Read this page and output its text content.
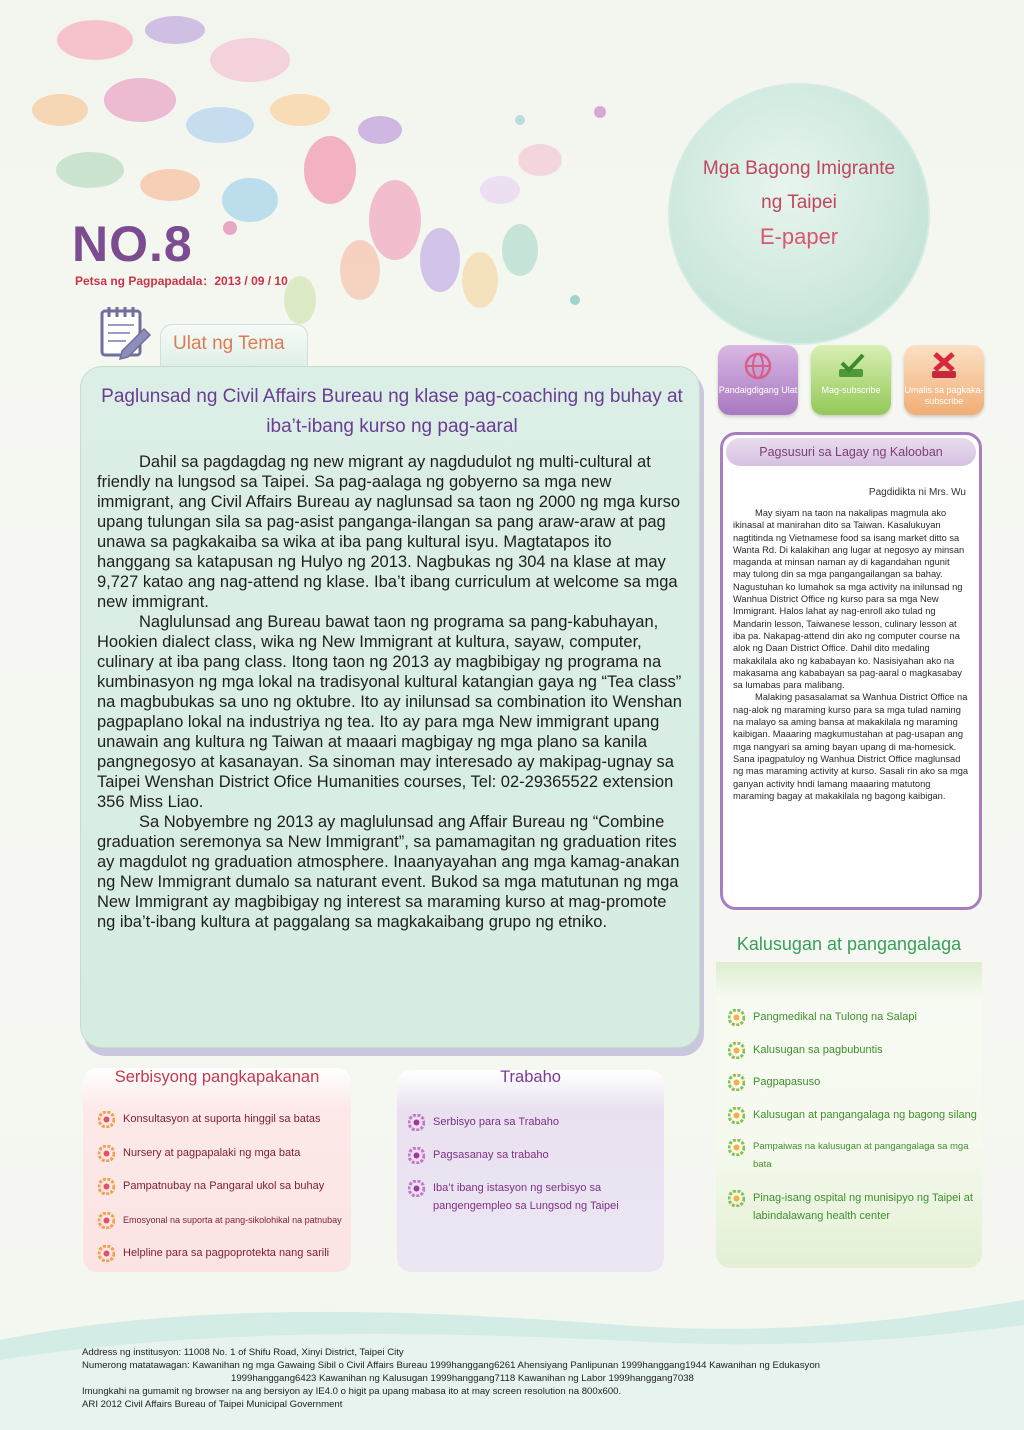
Mga Bagong Imigrante
ng Taipei
E-paper
NO.8
Petsa ng Pagpapadala：2013 / 09 / 10
Ulat ng Tema
Paglunsad ng Civil Affairs Bureau ng klase pag-coaching ng buhay at iba’t-ibang kurso ng pag-aaral

Dahil sa pagdagdag ng new migrant ay nagdudulot ng multi-cultural at friendly na lungsod sa Taipei. Sa pag-aalaga ng gobyerno sa mga new immigrant, ang Civil Affairs Bureau ay naglunsad sa taon ng 2000 ng mga kurso upang tulungan sila sa pag-asist panganga-ilangan sa pang araw-araw at pag unawa sa pagkakaiba sa wika at iba pang kultural isyu. Magtatapos ito hanggang sa katapusan ng Hulyo ng 2013. Nagbukas ng 304 na klase at may 9,727 katao ang nag-attend ng klase. Iba’t ibang curriculum at welcome sa mga new immigrant.

Naglulunsad ang Bureau bawat taon ng programa sa pang-kabuhayan, Hookien dialect class, wika ng New Immigrant at kultura, sayaw, computer, culinary at iba pang class. Itong taon ng 2013 ay magbibigay ng programa na kumbinasyon ng mga lokal na tradisyonal kultural katangian gaya ng “Tea class” na magbubukas sa uno ng oktubre. Ito ay inilunsad sa combination ito Wenshan pagpaplano lokal na industriya ng tea. Ito ay para mga New immigrant upang unawain ang kultura ng Taiwan at maaari magbigay ng mga plano sa kanila pangnegosyo at kasanayan. Sa sinoman may interesado ay makipag-ugnay sa Taipei Wenshan District Ofice Humanities courses, Tel: 02-29365522 extension 356 Miss Liao.

Sa Nobyembre ng 2013 ay maglulunsad ang Affair Bureau ng “Combine graduation seremonya sa New Immigrant”, sa pamamagitan ng graduation rites ay magdulot ng graduation atmosphere. Inaanyayahan ang mga kamag-anakan ng New Immigrant dumalo sa naturant event. Bukod sa mga matutunan ng mga New Immigrant ay magbibigay ng interest sa maraming kurso at mag-promote ng iba’t-ibang kultura at paggalang sa magkakaibang grupo ng etniko.

Pandaigdigang Ulat	Mag-subscribe	Umalis sa pagkaka-subscribe
Pagsusuri sa Lagay ng Kalooban
Pagdidikta ni Mrs. Wu

May siyam na taon na nakalipas magmula ako ikinasal at manirahan dito sa Taiwan. Kasalukuyan nagtitinda ng Vietnamese food sa isang market ditto sa Wanta Rd. Di kalakihan ang lugar at negosyo ay minsan maganda at minsan naman ay di kagandahan ngunit may tulong din sa mga pangangailangan sa bahay. Nagustuhan ko lumahok sa mga activity na inilunsad ng Wanhua District Office ng kurso para sa mga New Immigrant. Halos lahat ay nag-enroll ako tulad ng Mandarin lesson, Taiwanese lesson, culinary lesson at iba pa. Nakapag-attend din ako ng computer course na alok ng Daan District Office. Dahil dito medaling makakilala ako ng kababayan ko. Nasisiyahan ako na makasama ang kababayan sa pag-aaral o magkasabay sa lumabas para malibang.

Malaking pasasalamat sa Wanhua District Office na nag-alok ng maraming kurso para sa mga tulad naming na malayo sa aming bansa at makakilala ng maraming kaibigan. Maaaring magkumustahan at pag-usapan ang mga nangyari sa aming bayan upang di ma-homesick. Sana ipagpatuloy ng Wanhua District Office maglunsad ng mas maraming activity at kurso. Sasali rin ako sa mga ganyan activity hndi lamang maaaring matutong maraming bagay at makakilala ng bagong kaibigan.

Kalusugan at pangangalaga
Pangmedikal na Tulong na Salapi
Kalusugan sa pagbubuntis
Pagpapasuso
Kalusugan at pangangalaga ng bagong silang
Pampaiwas na kalusugan at pangangalaga sa mga bata
Pinag-isang ospital ng munisipyo ng Taipei at labindalawang health center
Serbisyong pangkapakanan
Konsultasyon at suporta hinggil sa batas
Nursery at pagpapalaki ng mga bata
Pampatnubay na Pangaral ukol sa buhay
Emosyonal na suporta at pang-sikolohikal na patnubay
Helpline para sa pagpoprotekta nang sarili
Trabaho
Serbisyo para sa Trabaho
Pagsasanay sa trabaho
Iba’t ibang istasyon ng serbisyo sa pangengempleo sa Lungsod ng Taipei
Address ng institusyon: 11008 No. 1 of Shifu Road, Xinyi District, Taipei City
Numerong matatawagan: Kawanihan ng mga Gawaing Sibil o Civil Affairs Bureau 1999hanggang6261 Ahensiyang Panlipunan 1999hanggang1944 Kawanihan ng Edukasyon
1999hanggang6423 Kawanihan ng Kalusugan 1999hanggang7118 Kawanihan ng Labor 1999hanggang7038
Imungkahi na gumamit ng browser na ang bersiyon ay IE4.0 o higit pa upang mabasa ito at may screen resolution na 800x600.
ARI 2012 Civil Affairs Bureau of Taipei Municipal Government
